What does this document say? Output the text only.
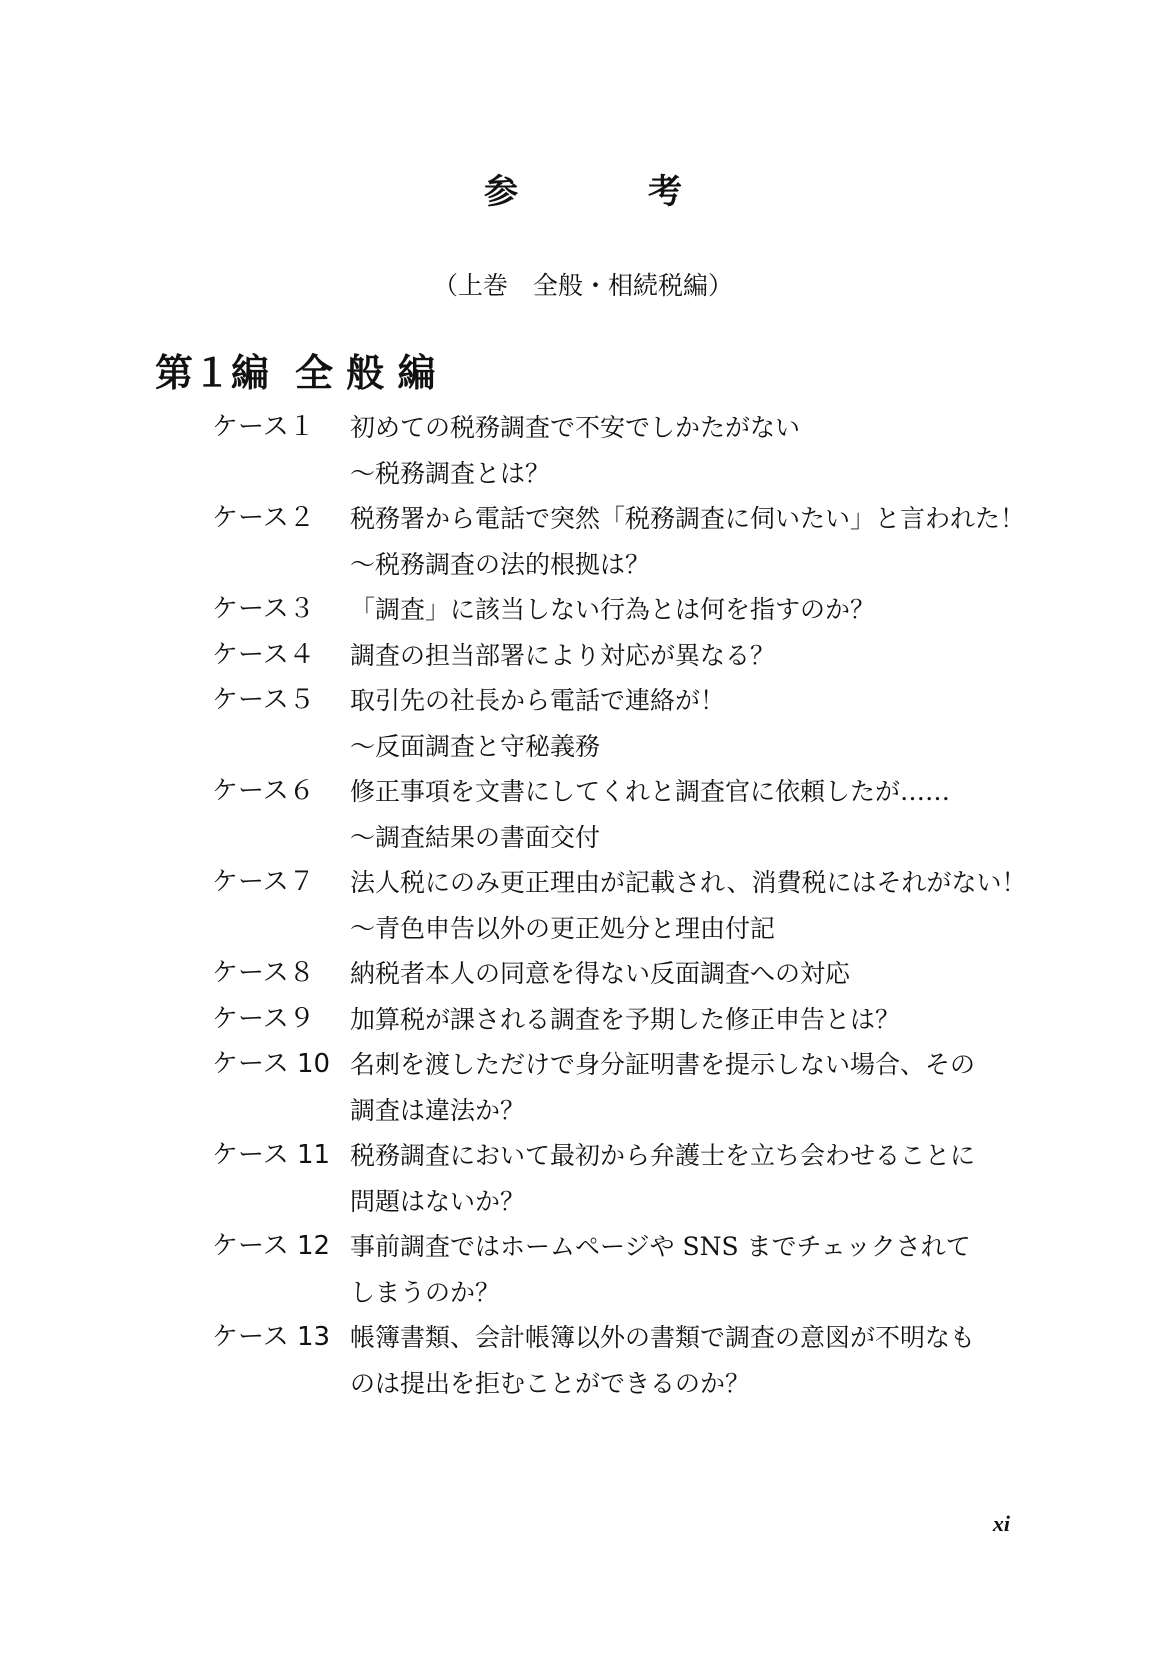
参	考
（上巻　全般・相続税編）
第１編 全 般 編
ケース１	初めての税務調査で不安でしかたがない
～税務調査とは？
ケース２	税務署から電話で突然「税務調査に伺いたい」と言われた！
～税務調査の法的根拠は？
ケース３	「調査」に該当しない行為とは何を指すのか？
ケース４	調査の担当部署により対応が異なる？
ケース５	取引先の社長から電話で連絡が！
～反面調査と守秘義務
ケース６	修正事項を文書にしてくれと調査官に依頼したが……
～調査結果の書面交付
ケース７	法人税にのみ更正理由が記載され、消費税にはそれがない！
～青色申告以外の更正処分と理由付記
ケース８	納税者本人の同意を得ない反面調査への対応
ケース９	加算税が課される調査を予期した修正申告とは？
ケース 10 名刺を渡しただけで身分証明書を提示しない場合、その
調査は違法か？
ケース 11 税務調査において最初から弁護士を立ち会わせることに
問題はないか？
ケース 12 事前調査ではホームページや SNS までチェックされて
しまうのか？
ケース 13 帳簿書類、会計帳簿以外の書類で調査の意図が不明なも
のは提出を拒むことができるのか？
xi
